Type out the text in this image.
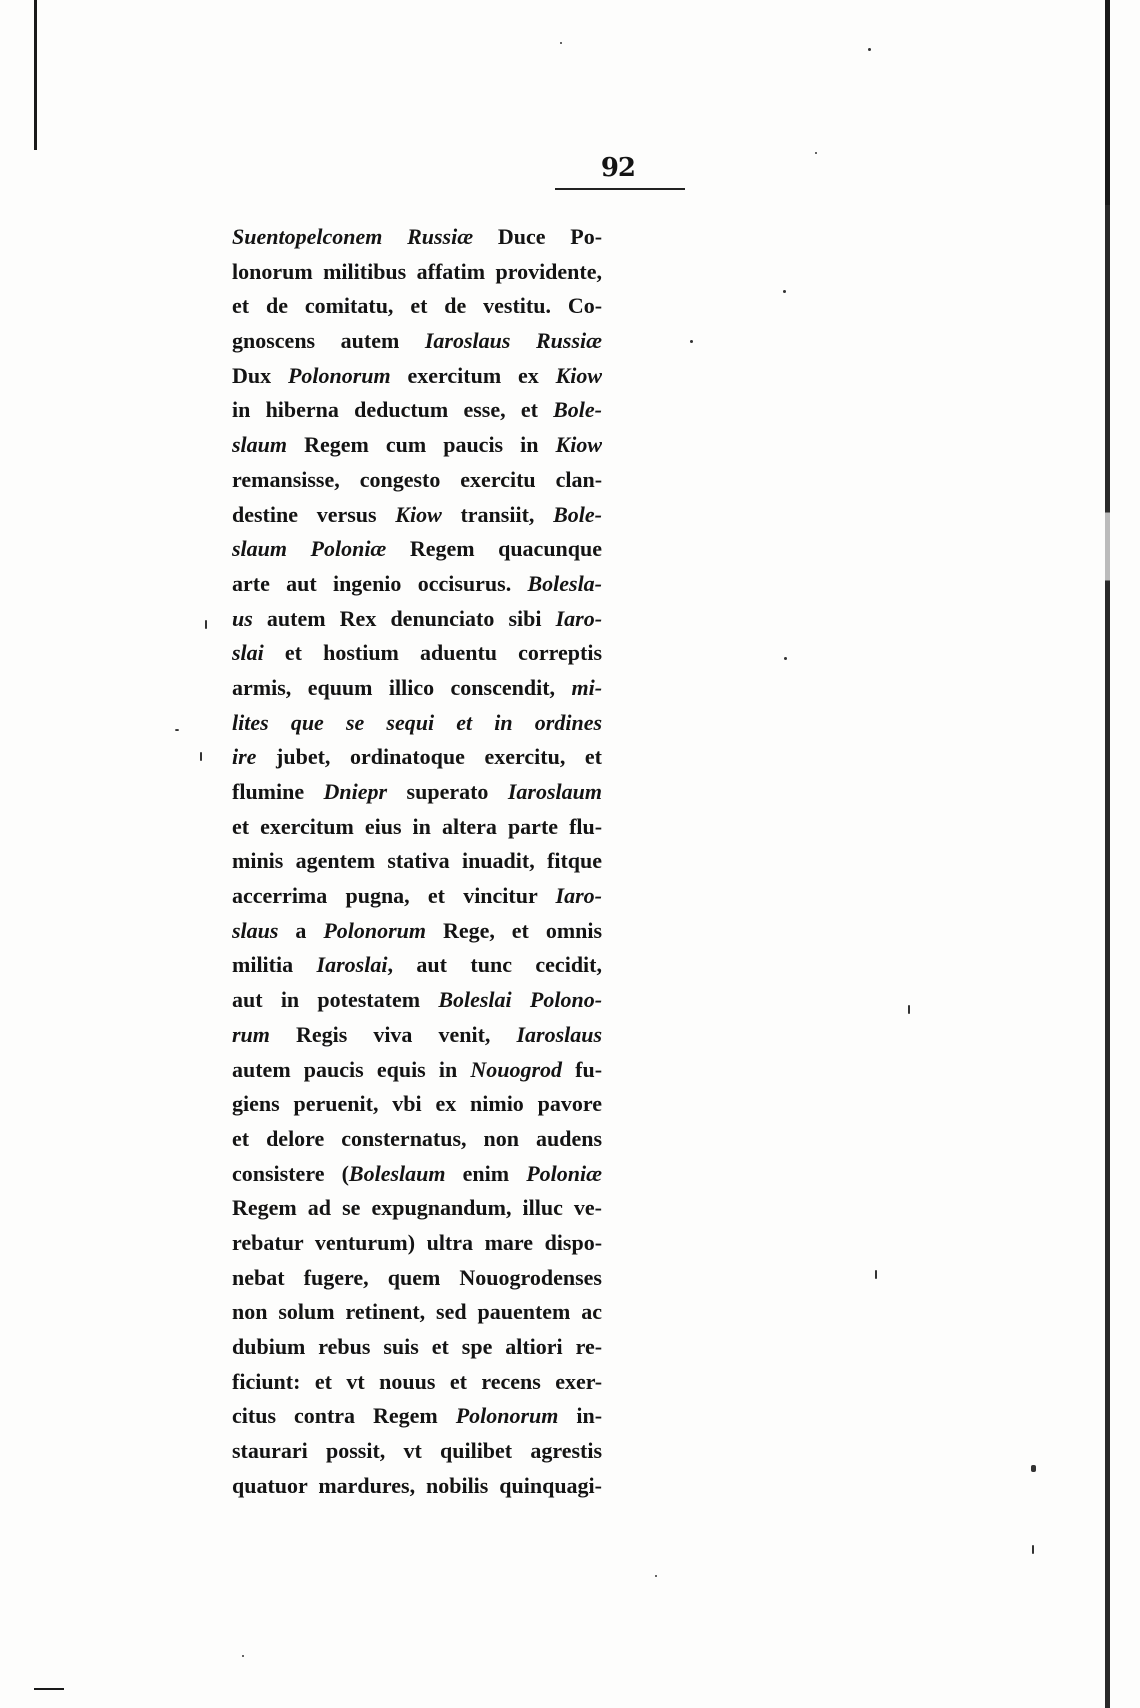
92
Suentopelconem Russiæ Duce Po-
lonorum militibus affatim providente,
et de comitatu, et de vestitu. Co-
gnoscens autem Iaroslaus Russiæ
Dux Polonorum exercitum ex Kiow
in hiberna deductum esse, et Bole-
slaum Regem cum paucis in Kiow
remansisse, congesto exercitu clan-
destine versus Kiow transiit, Bole-
slaum Poloniæ Regem quacunque
arte aut ingenio occisurus. Bolesla-
us autem Rex denunciato sibi Iaro-
slai et hostium aduentu correptis
armis, equum illico conscendit, mi-
lites que se sequi et in ordines
ire jubet, ordinatoque exercitu, et
flumine Dniepr superato Iaroslaum
et exercitum eius in altera parte flu-
minis agentem stativa inuadit, fitque
accerrima pugna, et vincitur Iaro-
slaus a Polonorum Rege, et omnis
militia Iaroslai, aut tunc cecidit,
aut in potestatem Boleslai Polono-
rum Regis viva venit, Iaroslaus
autem paucis equis in Nouogrod fu-
giens peruenit, vbi ex nimio pavore
et delore consternatus, non audens
consistere (Boleslaum enim Poloniæ
Regem ad se expugnandum, illuc ve-
rebatur venturum) ultra mare dispo-
nebat fugere, quem Nouogrodenses
non solum retinent, sed pauentem ac
dubium rebus suis et spe altiori re-
ficiunt: et vt nouus et recens exer-
citus contra Regem Polonorum in-
staurari possit, vt quilibet agrestis
quatuor mardures, nobilis quinquagi-
